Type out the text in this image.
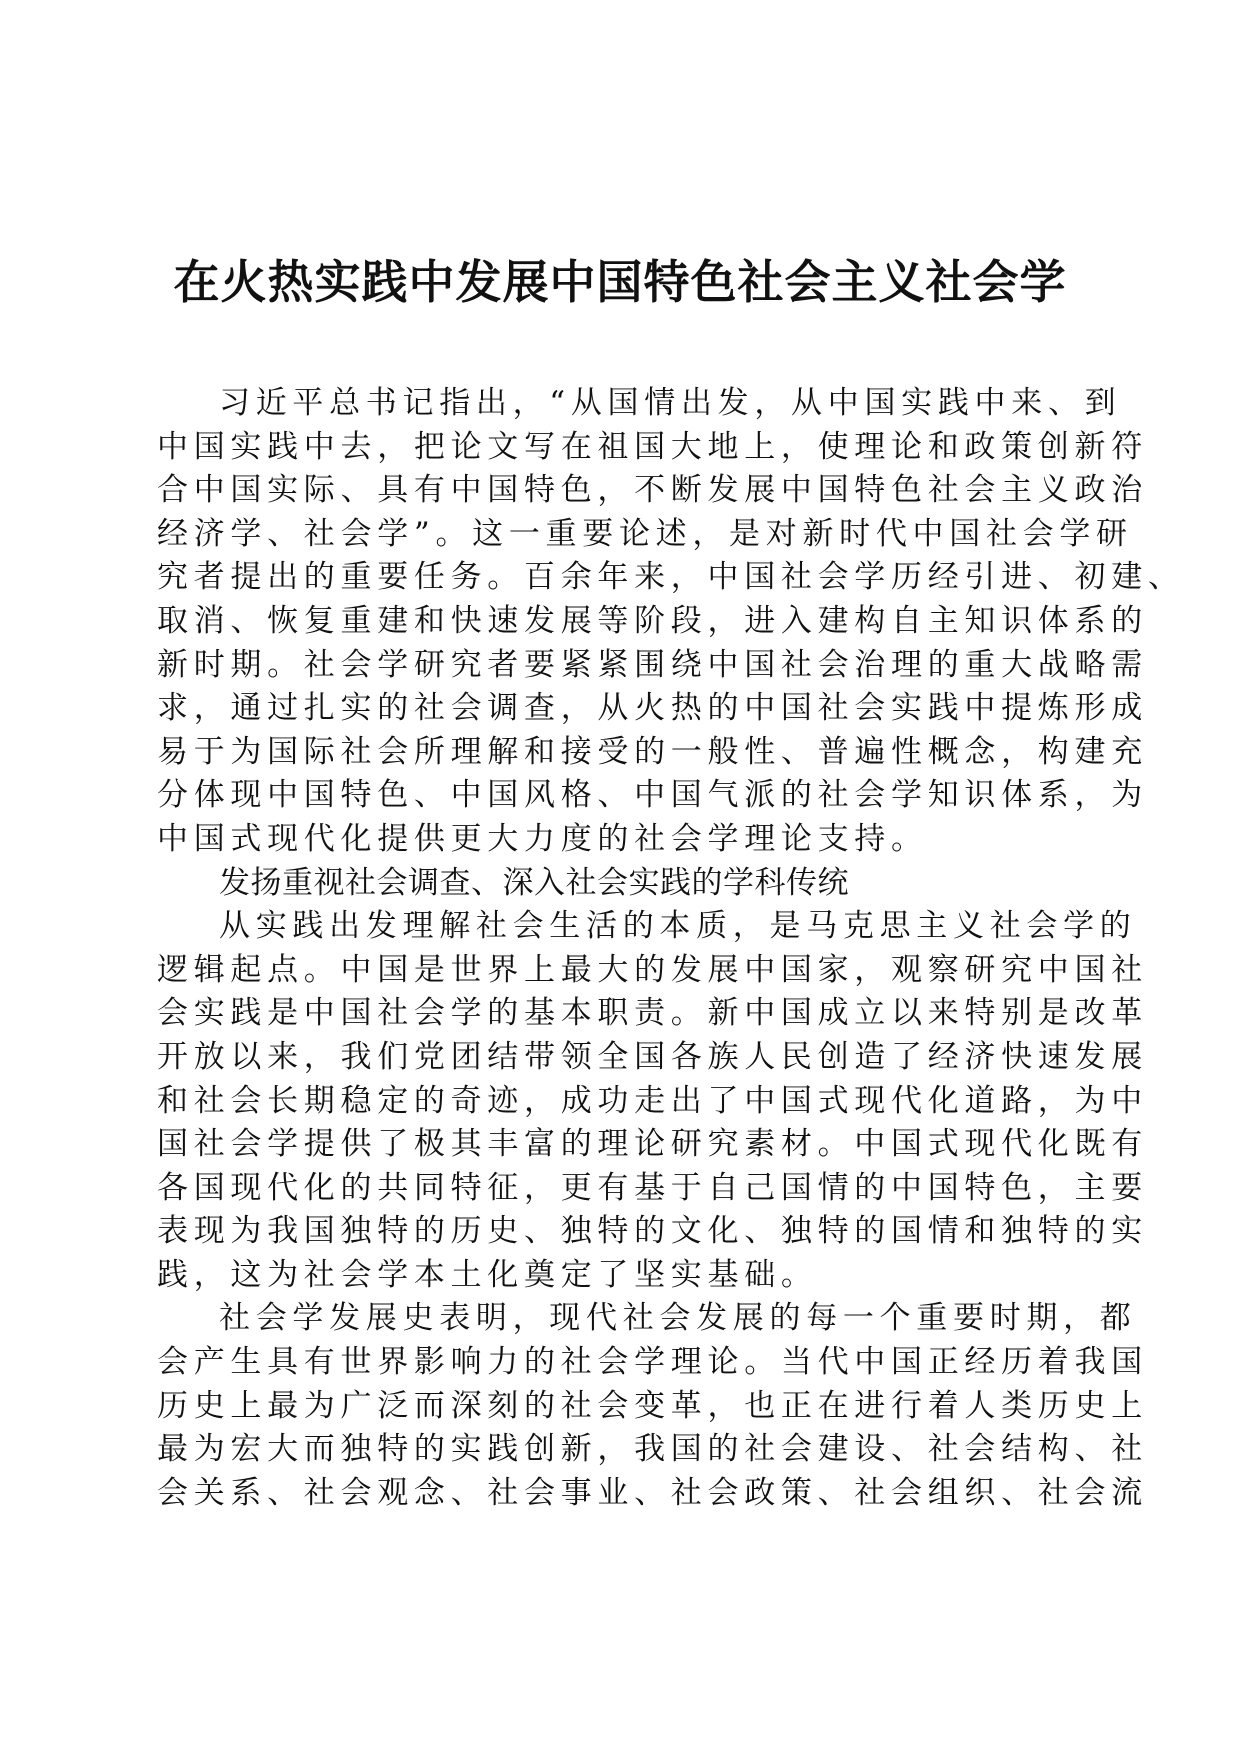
在火热实践中发展中国特色社会主义社会学

习近平总书记指出，“从国情出发，从中国实践中来、到
中国实践中去，把论文写在祖国大地上，使理论和政策创新符
合中国实际、具有中国特色，不断发展中国特色社会主义政治
经济学、社会学”。这一重要论述，是对新时代中国社会学研
究者提出的重要任务。百余年来，中国社会学历经引进、初建、
取消、恢复重建和快速发展等阶段，进入建构自主知识体系的
新时期。社会学研究者要紧紧围绕中国社会治理的重大战略需
求，通过扎实的社会调查，从火热的中国社会实践中提炼形成
易于为国际社会所理解和接受的一般性、普遍性概念，构建充
分体现中国特色、中国风格、中国气派的社会学知识体系，为
中国式现代化提供更大力度的社会学理论支持。

发扬重视社会调查、深入社会实践的学科传统

从实践出发理解社会生活的本质，是马克思主义社会学的
逻辑起点。中国是世界上最大的发展中国家，观察研究中国社
会实践是中国社会学的基本职责。新中国成立以来特别是改革
开放以来，我们党团结带领全国各族人民创造了经济快速发展
和社会长期稳定的奇迹，成功走出了中国式现代化道路，为中
国社会学提供了极其丰富的理论研究素材。中国式现代化既有
各国现代化的共同特征，更有基于自己国情的中国特色，主要
表现为我国独特的历史、独特的文化、独特的国情和独特的实
践，这为社会学本土化奠定了坚实基础。

社会学发展史表明，现代社会发展的每一个重要时期，都
会产生具有世界影响力的社会学理论。当代中国正经历着我国
历史上最为广泛而深刻的社会变革，也正在进行着人类历史上
最为宏大而独特的实践创新，我国的社会建设、社会结构、社
会关系、社会观念、社会事业、社会政策、社会组织、社会流
